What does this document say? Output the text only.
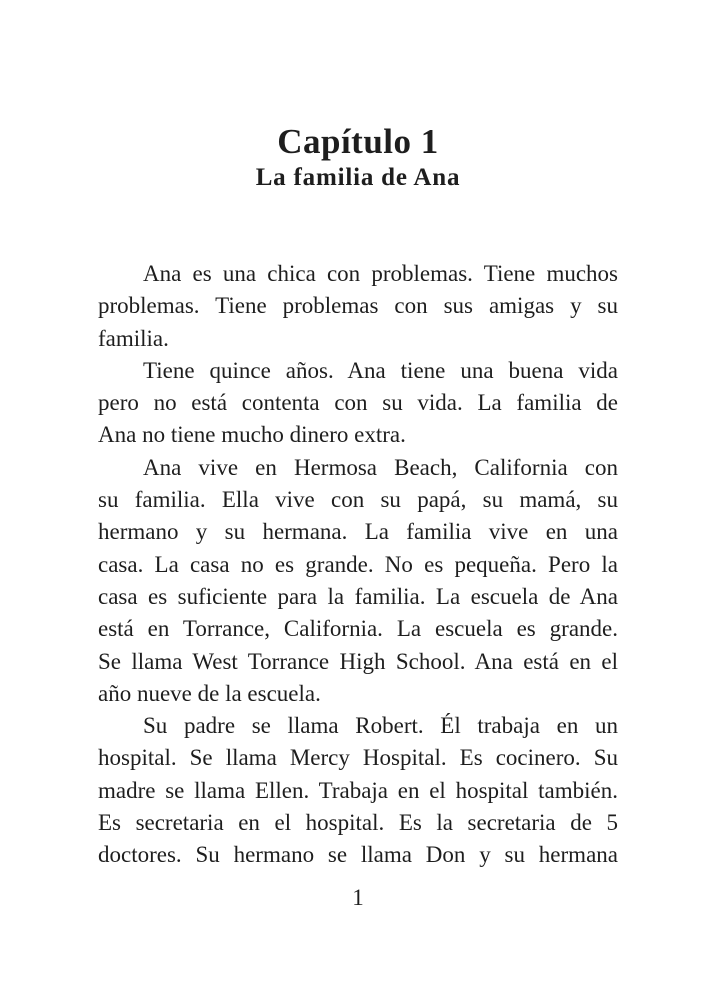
Capítulo 1
La familia de Ana

Ana es una chica con problemas. Tiene muchos
problemas. Tiene problemas con sus amigas y su
familia.

Tiene quince años. Ana tiene una buena vida
pero no está contenta con su vida. La familia de
Ana no tiene mucho dinero extra.

Ana vive en Hermosa Beach, California con
su familia. Ella vive con su papá, su mamá, su
hermano y su hermana. La familia vive en una
casa. La casa no es grande. No es pequeña. Pero la
casa es suficiente para la familia. La escuela de Ana
está en Torrance, California. La escuela es grande.
Se llama West Torrance High School. Ana está en el
año nueve de la escuela.

Su padre se llama Robert. Él trabaja en un
hospital. Se llama Mercy Hospital. Es cocinero. Su
madre se llama Ellen. Trabaja en el hospital también.
Es secretaria en el hospital. Es la secretaria de 5
doctores. Su hermano se llama Don y su hermana

1
